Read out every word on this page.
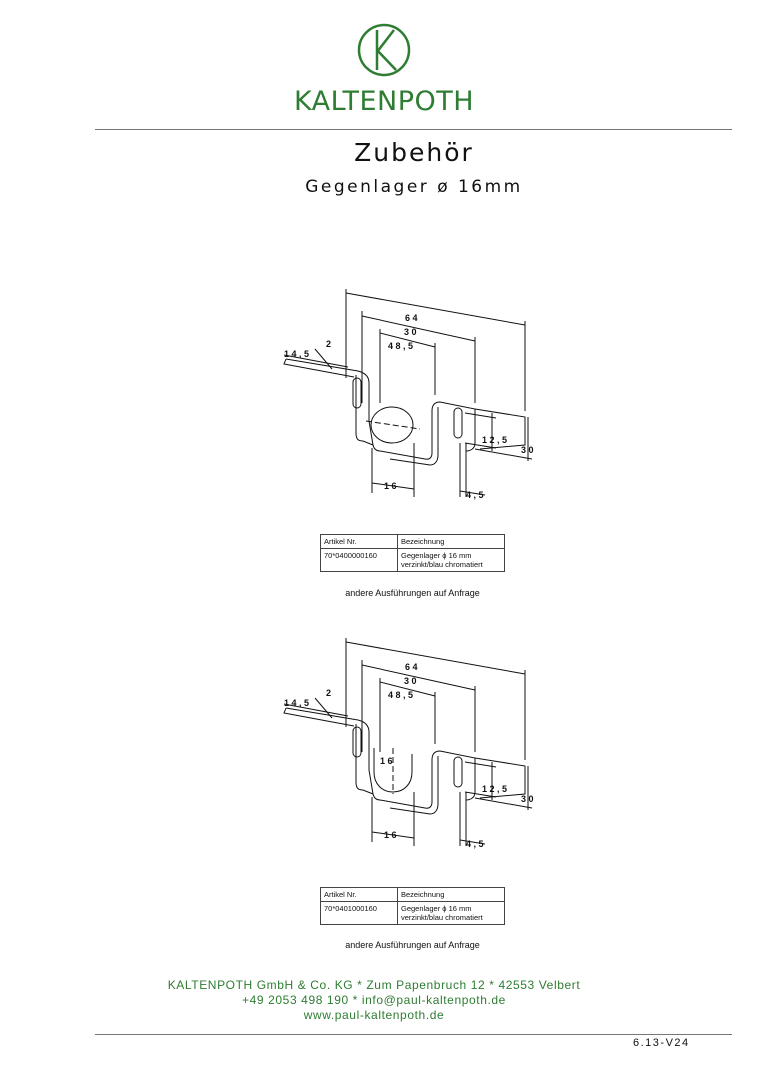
KALTENPOTH
Zubehör
Gegenlager ø 16mm
6 4
3 0
4 8 , 5
2
1 4 , 5
1 2 , 5
3 0
1 6
4 , 5
Artikel Nr.	Bezeichnung
70*0400000160	Gegenlager ϕ 16 mm
verzinkt/blau chromatiert
andere Ausführungen auf Anfrage
6 4
3 0
4 8 , 5
2
1 4 , 5
1 6
1 2 , 5
3 0
1 6
4 , 5
Artikel Nr.	Bezeichnung
70*0401000160	Gegenlager ϕ 16 mm
verzinkt/blau chromatiert
andere Ausführungen auf Anfrage
KALTENPOTH GmbH & Co. KG * Zum Papenbruch 12 * 42553 Velbert
+49 2053 498 190 * info@paul-kaltenpoth.de
www.paul-kaltenpoth.de
6.13-V24
